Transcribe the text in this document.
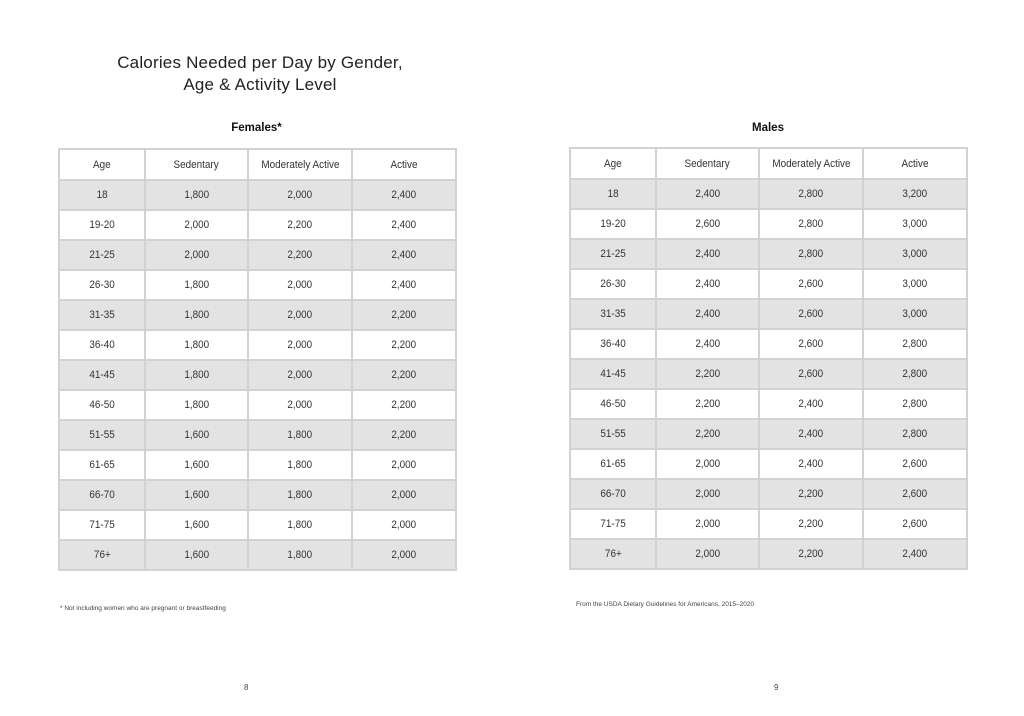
Calories Needed per Day by Gender,
Age & Activity Level
Females*	Males
Age	Sedentary	Moderately Active	Active
18	1,800	2,000	2,400
19-20	2,000	2,200	2,400
21-25	2,000	2,200	2,400
26-30	1,800	2,000	2,400
31-35	1,800	2,000	2,200
36-40	1,800	2,000	2,200
41-45	1,800	2,000	2,200
46-50	1,800	2,000	2,200
51-55	1,600	1,800	2,200
61-65	1,600	1,800	2,000
66-70	1,600	1,800	2,000
71-75	1,600	1,800	2,000
76+	1,600	1,800	2,000
Age	Sedentary	Moderately Active	Active
18	2,400	2,800	3,200
19-20	2,600	2,800	3,000
21-25	2,400	2,800	3,000
26-30	2,400	2,600	3,000
31-35	2,400	2,600	3,000
36-40	2,400	2,600	2,800
41-45	2,200	2,600	2,800
46-50	2,200	2,400	2,800
51-55	2,200	2,400	2,800
61-65	2,000	2,400	2,600
66-70	2,000	2,200	2,600
71-75	2,000	2,200	2,600
76+	2,000	2,200	2,400
* Not including women who are pregnant or breastfeeding
From the USDA Dietary Guidelines for Americans, 2015–2020
8	9
